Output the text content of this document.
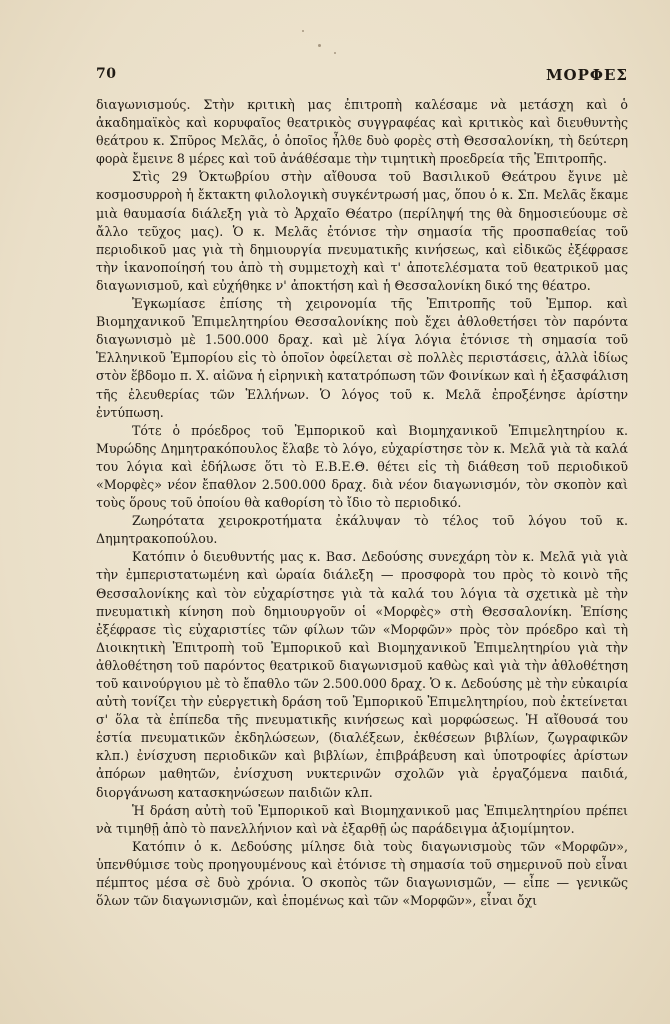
70	ΜΟΡΦΕΣ

διαγωνισμούς. Στὴν κριτικὴ μας ἐπιτροπὴ καλέσαμε νὰ μετάσχη καὶ ὁ ἀκαδημαϊκὸς καὶ κορυφαῖος θεατρικὸς συγγραφέας καὶ κριτικὸς καὶ διευθυντὴς θεάτρου κ. Σπῦρος Μελᾶς, ὁ ὁποῖος ἦλθε δυὸ φορὲς στὴ Θεσσαλονίκη, τὴ δεύτερη φορὰ ἔμεινε 8 μέρες καὶ τοῦ ἀνάθέσαμε τὴν τιμητικὴ προεδρεία τῆς Ἐπιτροπῆς.

Στὶς 29 Ὀκτωβρίου στὴν αἴθουσα τοῦ Βασιλικοῦ Θεάτρου ἔγινε μὲ κοσμοσυρροὴ ἡ ἔκτακτη φιλολογικὴ συγκέντρωσή μας, ὅπου ὁ κ. Σπ. Μελᾶς ἔκαμε μιὰ θαυμασία διάλεξη γιὰ τὸ Ἀρχαῖο Θέατρο (περίληψή της θὰ δημοσιεύουμε σὲ ἄλλο τεῦχος μας). Ὁ κ. Μελᾶς ἐτόνισε τὴν σημασία τῆς προσπαθείας τοῦ περιοδικοῦ μας γιὰ τὴ δημιουργία πνευματικῆς κινήσεως, καὶ εἰδικῶς ἐξέφρασε τὴν ἱκανοποίησή του ἀπὸ τὴ συμμετοχὴ καὶ τ' ἀποτελέσματα τοῦ θεατρικοῦ μας διαγωνισμοῦ, καὶ εὐχήθηκε ν' ἀποκτήση καὶ ἡ Θεσσαλονίκη δικό της θέατρο.

Ἐγκωμίασε ἐπίσης τὴ χειρονομία τῆς Ἐπιτροπῆς τοῦ Ἐμπορ. καὶ Βιομηχανικοῦ Ἐπιμελητηρίου Θεσσαλονίκης ποὺ ἔχει ἀθλοθετήσει τὸν παρόντα διαγωνισμὸ μὲ 1.500.000 δραχ. καὶ μὲ λίγα λόγια ἐτόνισε τὴ σημασία τοῦ Ἑλληνικοῦ Ἐμπορίου εἰς τὸ ὁποῖον ὀφείλεται σὲ πολλὲς περιστάσεις, ἀλλὰ ἰδίως στὸν ἕβδομο π. Χ. αἰῶνα ἡ εἰρηνικὴ κατατρόπωση τῶν Φοινίκων καὶ ἡ ἐξασφάλιση τῆς ἐλευθερίας τῶν Ἑλλήνων. Ὁ λόγος τοῦ κ. Μελᾶ ἐπροξένησε ἀρίστην ἐντύπωση.

Τότε ὁ πρόεδρος τοῦ Ἐμπορικοῦ καὶ Βιομηχανικοῦ Ἐπιμελητηρίου κ. Μυρώδης Δημητρακόπουλος ἔλαβε τὸ λόγο, εὐχαρίστησε τὸν κ. Μελᾶ γιὰ τὰ καλά του λόγια καὶ ἐδήλωσε ὅτι τὸ Ε.Β.Ε.Θ. θέτει εἰς τὴ διάθεση τοῦ περιοδικοῦ «Μορφὲς» νέον ἔπαθλον 2.500.000 δραχ. διὰ νέον διαγωνισμόν, τὸν σκοπὸν καὶ τοὺς ὅρους τοῦ ὁποίου θὰ καθορίση τὸ ἴδιο τὸ περιοδικό.

Ζωηρότατα χειροκροτήματα ἐκάλυψαν τὸ τέλος τοῦ λόγου τοῦ κ. Δημητρακοπούλου.

Κατόπιν ὁ διευθυντής μας κ. Βασ. Δεδούσης συνεχάρη τὸν κ. Μελᾶ γιὰ γιὰ τὴν ἐμπεριστατωμένη καὶ ὡραία διάλεξη — προσφορὰ του πρὸς τὸ κοινὸ τῆς Θεσσαλονίκης καὶ τὸν εὐχαρίστησε γιὰ τὰ καλά του λόγια τὰ σχετικὰ μὲ τὴν πνευματικὴ κίνηση ποὺ δημιουργοῦν οἱ «Μορφὲς» στὴ Θεσσαλονίκη. Ἐπίσης ἐξέφρασε τὶς εὐχαριστίες τῶν φίλων τῶν «Μορφῶν» πρὸς τὸν πρόεδρο καὶ τὴ Διοικητικὴ Ἐπιτροπὴ τοῦ Ἐμπορικοῦ καὶ Βιομηχανικοῦ Ἐπιμελητηρίου γιὰ τὴν ἀθλοθέτηση τοῦ παρόντος θεατρικοῦ διαγωνισμοῦ καθὼς καὶ γιὰ τὴν ἀθλοθέτηση τοῦ καινούργιου μὲ τὸ ἔπαθλο τῶν 2.500.000 δραχ. Ὁ κ. Δεδούσης μὲ τὴν εὐκαιρία αὐτὴ τονίζει τὴν εὐεργετικὴ δράση τοῦ Ἐμπορικοῦ Ἐπιμελητηρίου, ποὺ ἐκτείνεται σ' ὅλα τὰ ἐπίπεδα τῆς πνευματικῆς κινήσεως καὶ μορφώσεως. Ἡ αἴθουσά του ἑστία πνευματικῶν ἐκδηλώσεων, (διαλέξεων, ἐκθέσεων βιβλίων, ζωγραφικῶν κλπ.) ἐνίσχυση περιοδικῶν καὶ βιβλίων, ἐπιβράβευση καὶ ὑποτροφίες ἀρίστων ἀπόρων μαθητῶν, ἐνίσχυση νυκτερινῶν σχολῶν γιὰ ἐργαζόμενα παιδιά, διοργάνωση κατασκηνώσεων παιδιῶν κλπ.

Ἡ δράση αὐτὴ τοῦ Ἐμπορικοῦ καὶ Βιομηχανικοῦ μας Ἐπιμελητηρίου πρέπει νὰ τιμηθῇ ἀπὸ τὸ πανελλήνιον καὶ νὰ ἐξαρθῇ ὡς παράδειγμα ἀξιομίμητον.

Κατόπιν ὁ κ. Δεδούσης μίλησε διὰ τοὺς διαγωνισμοὺς τῶν «Μορφῶν», ὑπενθύμισε τοὺς προηγουμένους καὶ ἐτόνισε τὴ σημασία τοῦ σημερινοῦ ποὺ εἶναι πέμπτος μέσα σὲ δυὸ χρόνια. Ὁ σκοπὸς τῶν διαγωνισμῶν, — εἶπε — γενικῶς ὅλων τῶν διαγωνισμῶν, καὶ ἑπομένως καὶ τῶν «Μορφῶν», εἶναι ὄχι
